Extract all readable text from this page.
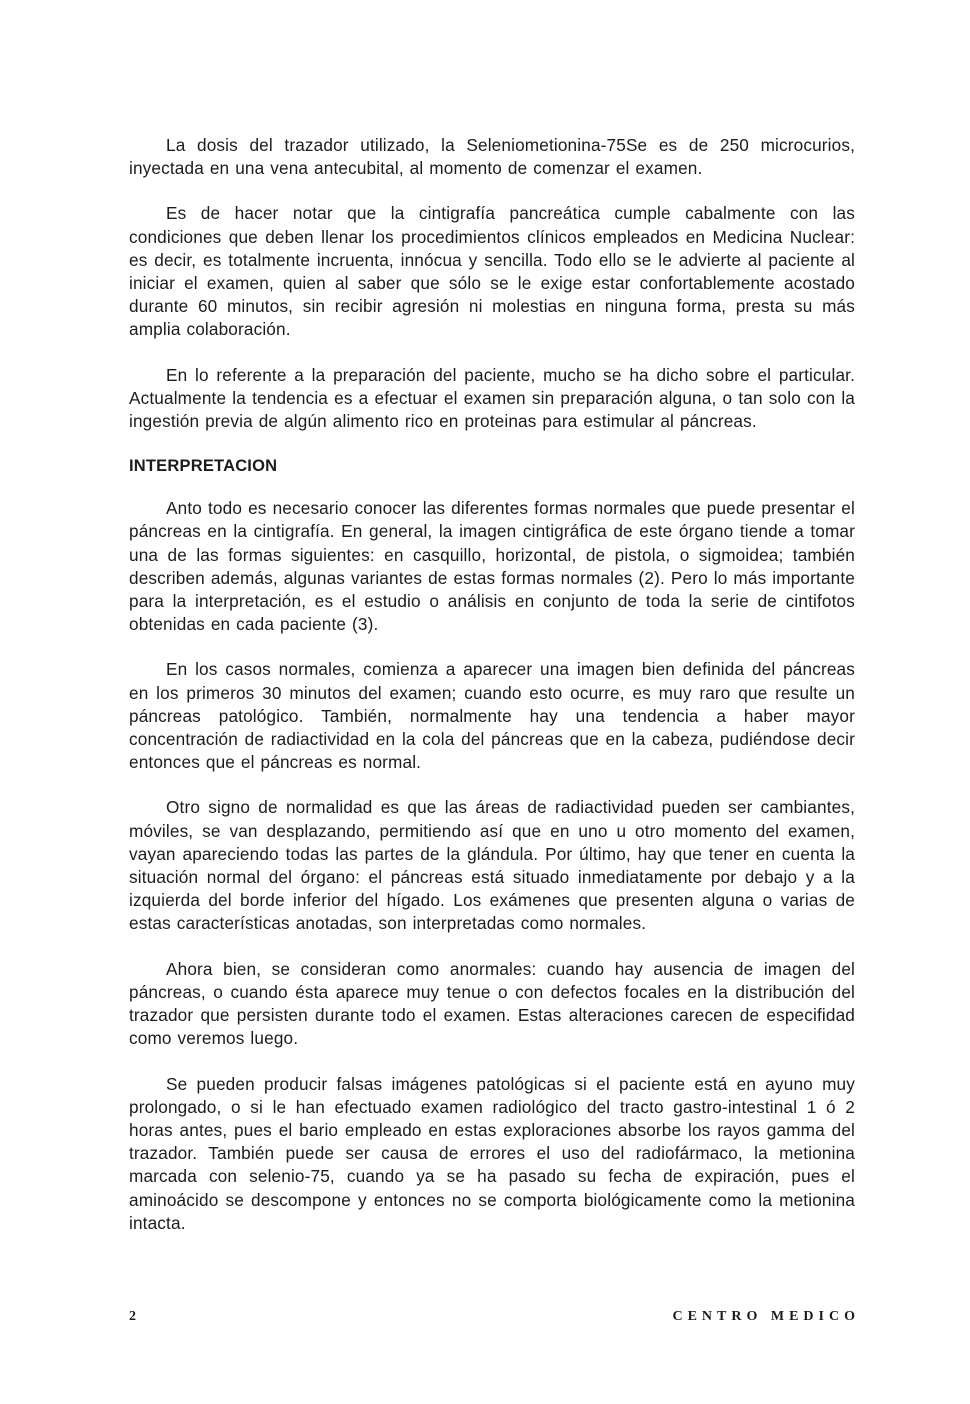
La dosis del trazador utilizado, la Seleniometionina-75Se es de 250 microcurios, inyectada en una vena antecubital, al momento de comenzar el examen.

Es de hacer notar que la cintigrafía pancreática cumple cabalmente con las condiciones que deben llenar los procedimientos clínicos empleados en Medicina Nuclear: es decir, es totalmente incruenta, innócua y sencilla. Todo ello se le advierte al paciente al iniciar el examen, quien al saber que sólo se le exige estar confortablemente acostado durante 60 minutos, sin recibir agresión ni molestias en ninguna forma, presta su más amplia colaboración.

En lo referente a la preparación del paciente, mucho se ha dicho sobre el particular. Actualmente la tendencia es a efectuar el examen sin preparación alguna, o tan solo con la ingestión previa de algún alimento rico en proteinas para estimular al páncreas.

INTERPRETACION

Anto todo es necesario conocer las diferentes formas normales que puede presentar el páncreas en la cintigrafía. En general, la imagen cintigráfica de este órgano tiende a tomar una de las formas siguientes: en casquillo, horizontal, de pistola, o sigmoidea; también describen además, algunas variantes de estas formas normales (2). Pero lo más importante para la interpretación, es el estudio o análisis en conjunto de toda la serie de cintifotos obtenidas en cada paciente (3).

En los casos normales, comienza a aparecer una imagen bien definida del páncreas en los primeros 30 minutos del examen; cuando esto ocurre, es muy raro que resulte un páncreas patológico. También, normalmente hay una tendencia a haber mayor concentración de radiactividad en la cola del páncreas que en la cabeza, pudiéndose decir entonces que el páncreas es normal.

Otro signo de normalidad es que las áreas de radiactividad pueden ser cambiantes, móviles, se van desplazando, permitiendo así que en uno u otro momento del examen, vayan apareciendo todas las partes de la glándula. Por último, hay que tener en cuenta la situación normal del órgano: el páncreas está situado inmediatamente por debajo y a la izquierda del borde inferior del hígado. Los exámenes que presenten alguna o varias de estas características anotadas, son interpretadas como normales.

Ahora bien, se consideran como anormales: cuando hay ausencia de imagen del páncreas, o cuando ésta aparece muy tenue o con defectos focales en la distribución del trazador que persisten durante todo el examen. Estas alteraciones carecen de especifidad como veremos luego.

Se pueden producir falsas imágenes patológicas si el paciente está en ayuno muy prolongado, o si le han efectuado examen radiológico del tracto gastro-intestinal 1 ó 2 horas antes, pues el bario empleado en estas exploraciones absorbe los rayos gamma del trazador. También puede ser causa de errores el uso del radiofármaco, la metionina marcada con selenio-75, cuando ya se ha pasado su fecha de expiración, pues el aminoácido se descompone y entonces no se comporta biológicamente como la metionina intacta.

2	CENTRO MEDICO
